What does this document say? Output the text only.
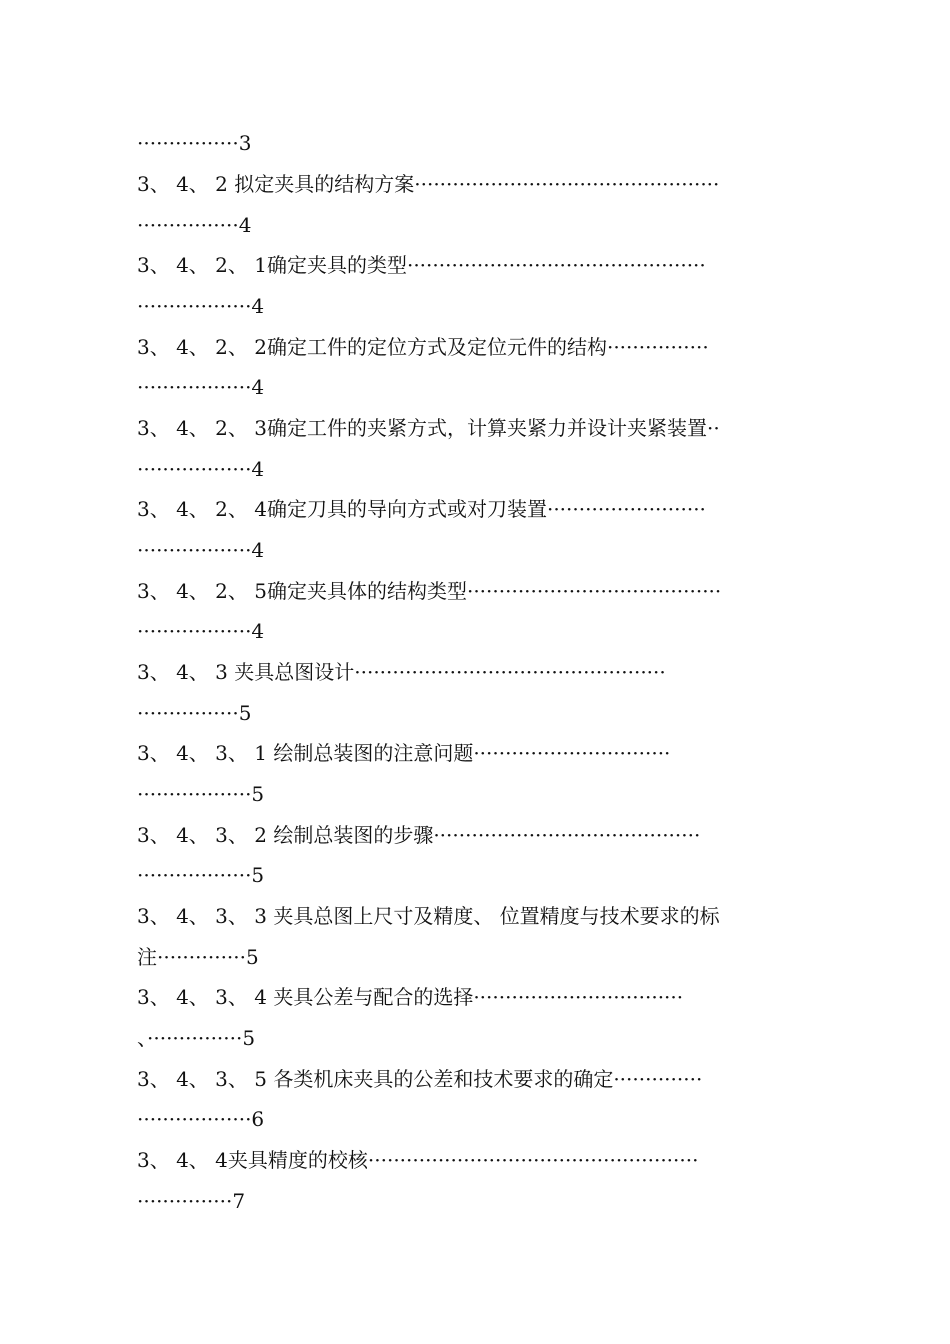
················3
3、 4、 2 拟定夹具的结构方案················································
················4
3、 4、 2、 1确定夹具的类型···············································
··················4
3、 4、 2、 2确定工件的定位方式及定位元件的结构················
··················4
3、 4、 2、 3确定工件的夹紧方式，计算夹紧力并设计夹紧装置··
··················4
3、 4、 2、 4确定刀具的导向方式或对刀装置·························
··················4
3、 4、 2、 5确定夹具体的结构类型········································
··················4
3、 4、 3 夹具总图设计·················································
················5
3、 4、 3、 1 绘制总装图的注意问题·······························
··················5
3、 4、 3、 2 绘制总装图的步骤··········································
··················5
3、 4、 3、 3 夹具总图上尺寸及精度、 位置精度与技术要求的标
注··············5
3、 4、 3、 4 夹具公差与配合的选择·································
、···············5
3、 4、 3、 5 各类机床夹具的公差和技术要求的确定··············
··················6
3、 4、 4夹具精度的校核····················································
···············7
